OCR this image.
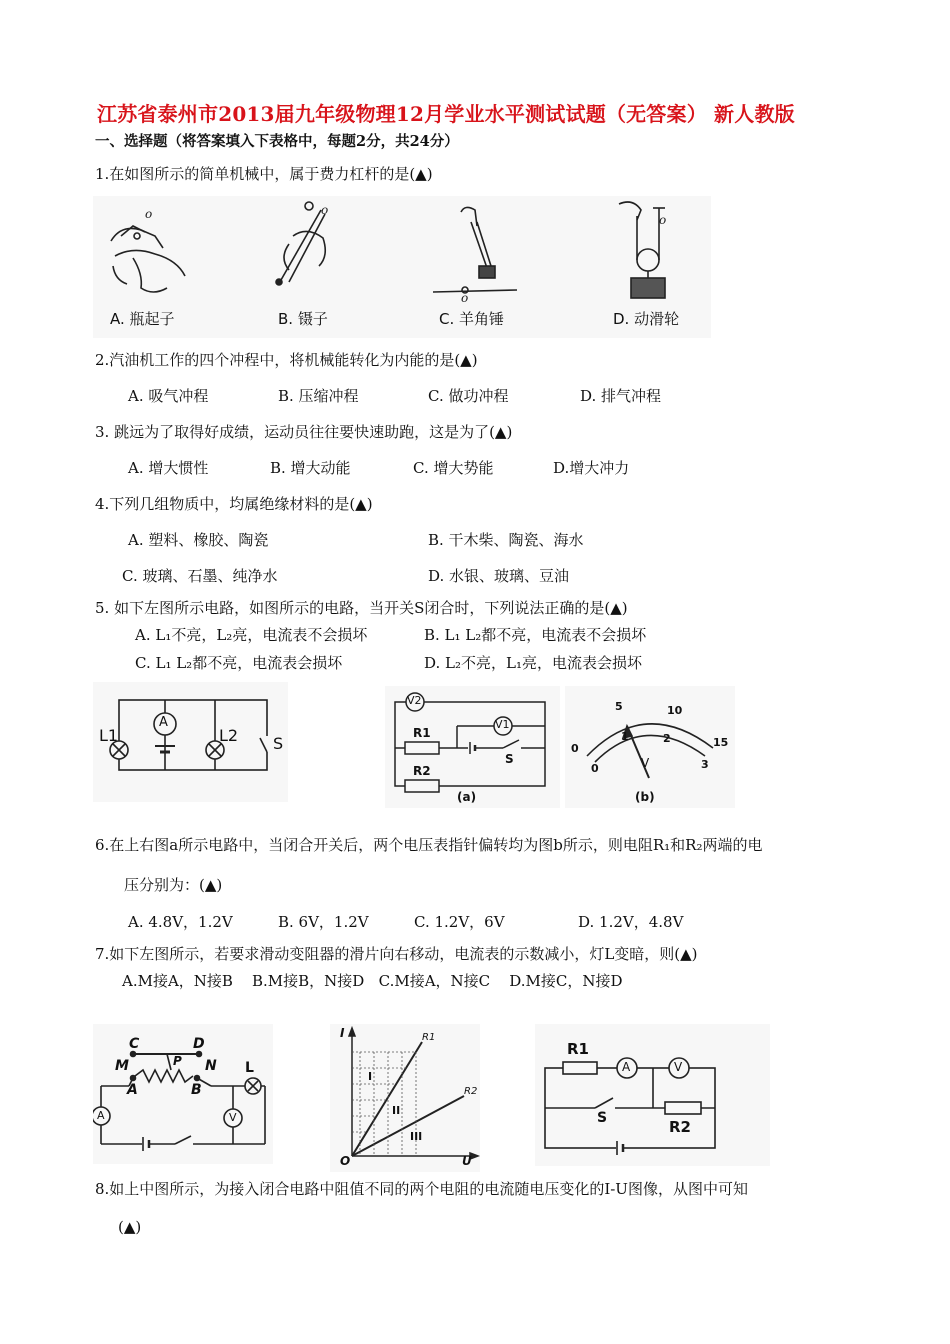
江苏省泰州市2013届九年级物理12月学业水平测试试题（无答案） 新人教版
一、选择题（将答案填入下表格中，每题2分，共24分）
1.在如图所示的简单机械中，属于费力杠杆的是(▲)
o	o
o
o
A. 瓶起子	B. 镊子	C. 羊角锤	D. 动滑轮
2.汽油机工作的四个冲程中，将机械能转化为内能的是(▲)
A. 吸气冲程	B. 压缩冲程	C. 做功冲程	D. 排气冲程
3. 跳远为了取得好成绩，运动员往往要快速助跑，这是为了(▲)
A. 增大惯性	B. 增大动能	C. 增大势能	D.增大冲力
4.下列几组物质中，均属绝缘材料的是(▲)
A. 塑料、橡胶、陶瓷	B. 干木柴、陶瓷、海水
C. 玻璃、石墨、纯净水	D. 水银、玻璃、豆油
5. 如下左图所示电路，如图所示的电路，当开关S闭合时，下列说法正确的是(▲)
A. L₁不亮，L₂亮，电流表不会损坏	B. L₁ L₂都不亮，电流表不会损坏
C. L₁ L₂都不亮，电流表会损坏	D. L₂不亮，L₁亮，电流表会损坏
L1
A
L2 S
V2
V1
R1
R2
S
(a)
0
5	10
15
0
1	2
3
V
(b)
6.在上右图a所示电路中，当闭合开关后，两个电压表指针偏转均为图b所示，则电阻R₁和R₂两端的电
压分别为：(▲)
A. 4.8V，1.2V	B. 6V，1.2V	C. 1.2V，6V	D. 1.2V，4.8V
7.如下左图所示，若要求滑动变阻器的滑片向右移动，电流表的示数减小，灯L变暗，则(▲)
A.M接A，N接B    B.M接B，N接D   C.M接A，N接C    D.M接C，N接D
C	D
M	N
P
A	B
L
A	V
I
U
O
R1
R2
I
II
III
R1
A	V
S	R2
8.如上中图所示，为接入闭合电路中阻值不同的两个电阻的电流随电压变化的I-U图像，从图中可知
(▲)
